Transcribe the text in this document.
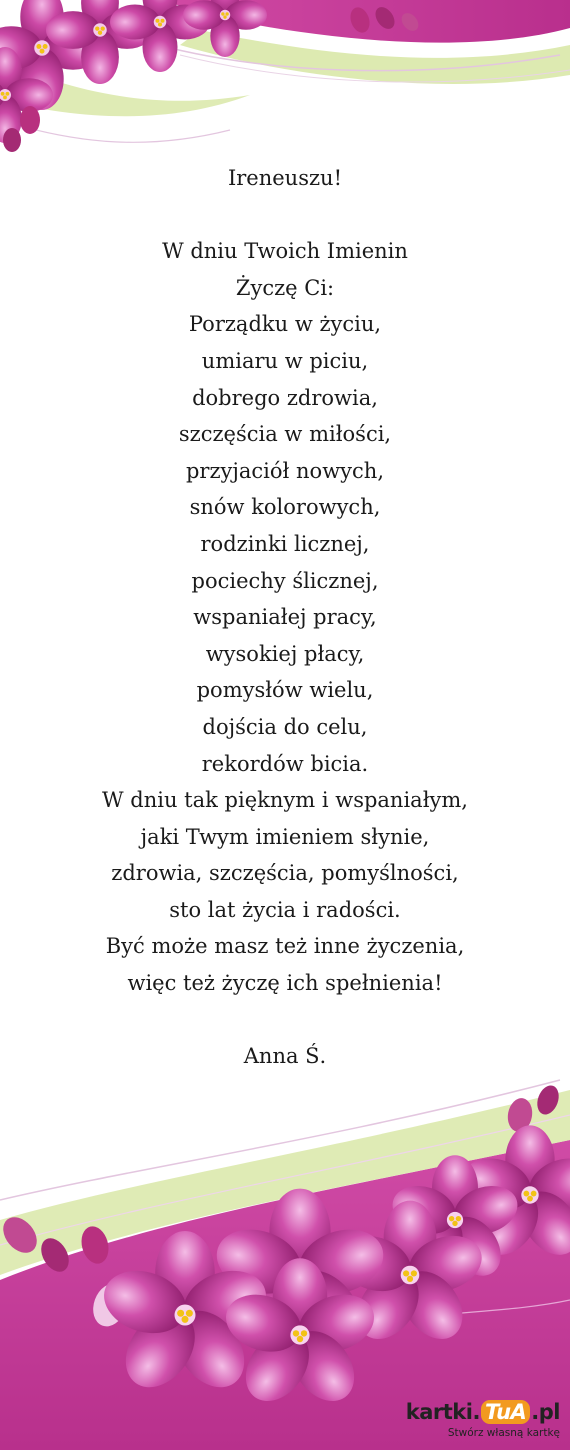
Ireneuszu!
W dniu Twoich Imienin
Życzę Ci:
Porządku w życiu,
umiaru w piciu,
dobrego zdrowia,
szczęścia w miłości,
przyjaciół nowych,
snów kolorowych,
rodzinki licznej,
pociechy ślicznej,
wspaniałej pracy,
wysokiej płacy,
pomysłów wielu,
dojścia do celu,
rekordów bicia.
W dniu tak pięknym i wspaniałym,
jaki Twym imieniem słynie,
zdrowia, szczęścia, pomyślności,
sto lat życia i radości.
Być może masz też inne życzenia,
więc też życzę ich spełnienia!
Anna Ś.
kartki. TuA .pl
Stwórz własną kartkę
